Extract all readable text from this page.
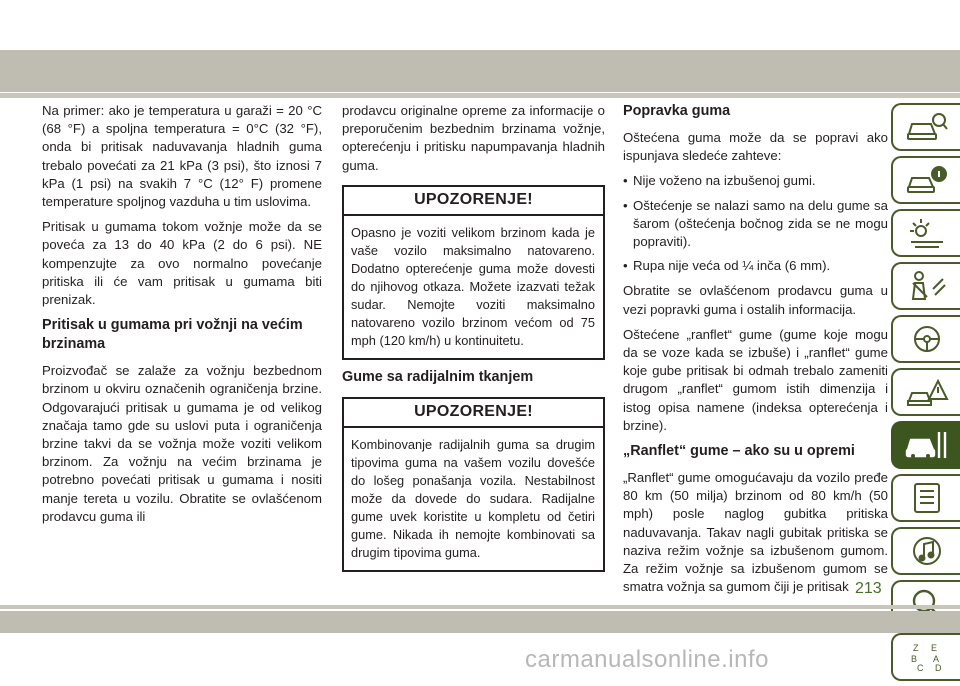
Na primer: ako je temperatura u garaži = 20 °C (68 °F) a spoljna temperatura = 0°C (32 °F), onda bi pritisak naduvavanja hladnih guma trebalo povećati za 21 kPa (3 psi), što iznosi 7 kPa (1 psi) na svakih 7 °C (12° F) promene temperature spoljnog vazduha u tim uslovima.

Pritisak u gumama tokom vožnje može da se poveća za 13 do 40 kPa (2 do 6 psi). NE kompenzujte za ovo normalno povećanje pritiska ili će vam pritisak u gumama biti prenizak.

Pritisak u gumama pri vožnji na većim brzinama

Proizvođač se zalaže za vožnju bezbednom brzinom u okviru označenih ograničenja brzine. Odgovarajući pritisak u gumama je od velikog značaja tamo gde su uslovi puta i ograničenja brzine takvi da se vožnja može voziti velikom brzinom. Za vožnju na većim brzinama je potrebno povećati pritisak u gumama i nositi manje tereta u vozilu. Obratite se ovlašćenom prodavcu guma ili

prodavcu originalne opreme za informacije o preporučenim bezbednim brzinama vožnje, opterećenju i pritisku napumpavanja hladnih guma.

UPOZORENJE!
Opasno je voziti velikom brzinom kada je vaše vozilo maksimalno natovareno. Dodatno opterećenje guma može dovesti do njihovog otkaza. Možete izazvati težak sudar. Nemojte voziti maksimalno natovareno vozilo brzinom većom od 75 mph (120 km/h) u kontinuitetu.
Gume sa radijalnim tkanjem
UPOZORENJE!
Kombinovanje radijalnih guma sa drugim tipovima guma na vašem vozilu dovešće do lošeg ponašanja vozila. Nestabilnost može da dovede do sudara. Radijalne gume uvek koristite u kompletu od četiri gume. Nikada ih nemojte kombinovati sa drugim tipovima guma.
Popravka guma

Oštećena guma može da se popravi ako ispunjava sledeće zahteve:

• Nije voženo na izbušenoj gumi.
• Oštećenje se nalazi samo na delu gume sa šarom (oštećenja bočnog zida se ne mogu popraviti).
• Rupa nije veća od ¼ inča (6 mm).

Obratite se ovlašćenom prodavcu guma u vezi popravki guma i ostalih informacija.

Oštećene „ranflet“ gume (gume koje mogu da se voze kada se izbuše) i „ranflet“ gume koje gube pritisak bi odmah trebalo zameniti drugom „ranflet“ gumom istih dimenzija i istog opisa namene (indeksa opterećenja i brzine).

„Ranflet“ gume – ako su u opremi

„Ranflet“ gume omogućavaju da vozilo pređe 80 km (50 milja) brzinom od 80 km/h (50 mph) posle naglog gubitka pritiska naduvavanja. Takav nagli gubitak pritiska se naziva režim vožnje sa izbušenom gumom. Za režim vožnje sa izbušenom gumom se smatra vožnja sa gumom čiji je pritisak

Z E
B A
C D
213
carmanualsonline.info
